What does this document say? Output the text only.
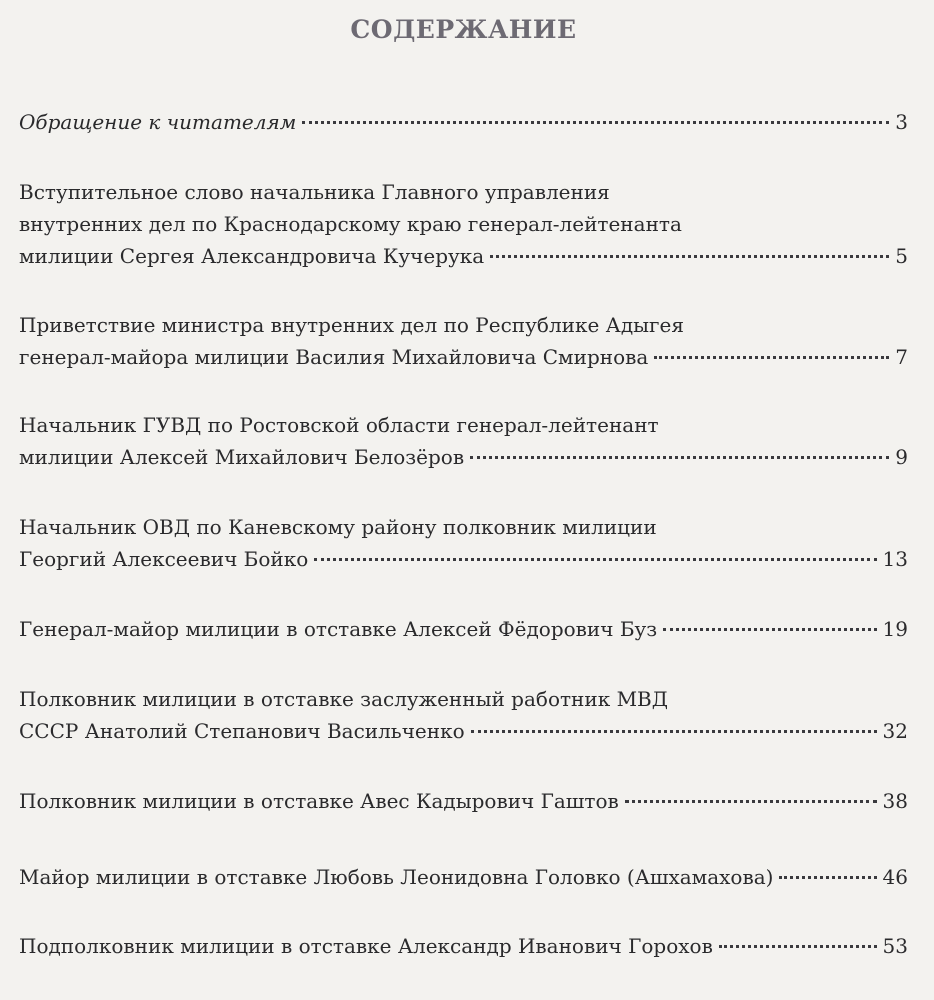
СОДЕРЖАНИЕ
Обращение к читателям	3
Вступительное слово начальника Главного управления
внутренних дел по Краснодарскому краю генерал-лейтенанта
милиции Сергея Александровича Кучерука	5
Приветствие министра внутренних дел по Республике Адыгея
генерал-майора милиции Василия Михайловича Смирнова	7
Начальник ГУВД по Ростовской области генерал-лейтенант
милиции Алексей Михайлович Белозёров	9
Начальник ОВД по Каневскому району полковник милиции
Георгий Алексеевич Бойко	13
Генерал-майор милиции в отставке Алексей Фёдорович Буз	19
Полковник милиции в отставке заслуженный работник МВД
СССР Анатолий Степанович Васильченко	32
Полковник милиции в отставке Авес Кадырович Гаштов	38
Майор милиции в отставке Любовь Леонидовна Головко (Ашхамахова)	46
Подполковник милиции в отставке Александр Иванович Горохов	53
